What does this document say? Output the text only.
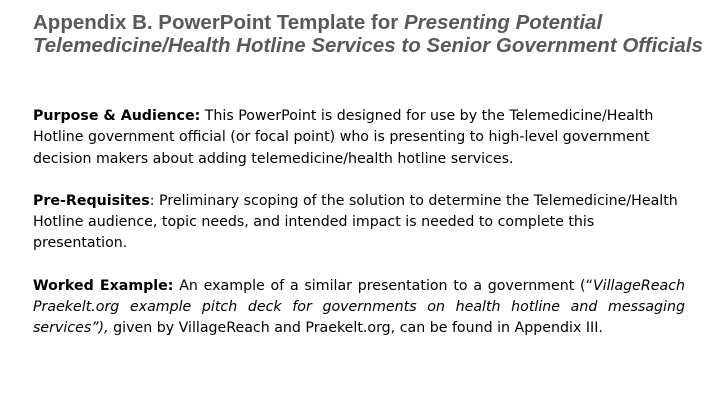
Appendix B. PowerPoint Template for Presenting Potential Telemedicine/Health Hotline Services to Senior Government Officials

Purpose & Audience: This PowerPoint is designed for use by the Telemedicine/Health Hotline government official (or focal point) who is presenting to high-level government decision makers about adding telemedicine/health hotline services.

Pre-Requisites: Preliminary scoping of the solution to determine the Telemedicine/Health Hotline audience, topic needs, and intended impact is needed to complete this presentation.

Worked Example: An example of a similar presentation to a government (“VillageReach Praekelt.org example pitch deck for governments on health hotline and messaging services”), given by VillageReach and Praekelt.org, can be found in Appendix III.
